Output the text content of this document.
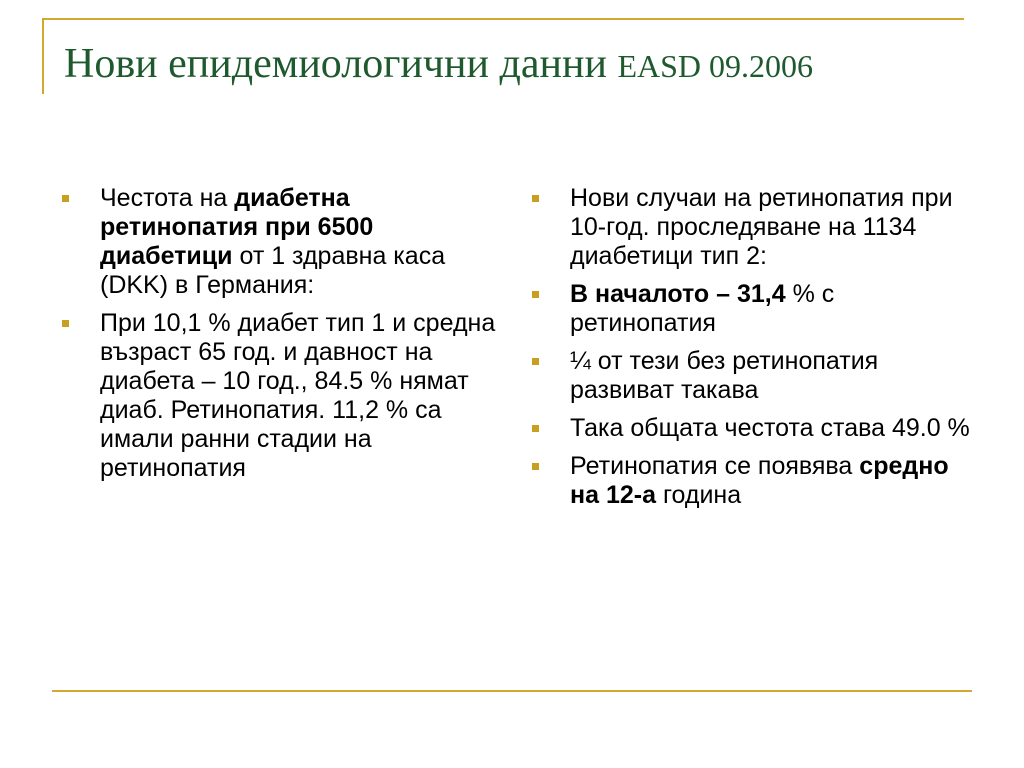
Нови епидемиологични данни EASD 09.2006
Честота на диабетна ретинопатия при 6500 диабетици от 1 здравна каса (DKK) в Германия:
При 10,1 % диабет тип 1 и средна възраст 65 год. и давност на диабета – 10 год., 84.5 % нямат диаб. Ретинопатия. 11,2 % са имали ранни стадии на ретинопатия
Нови случаи на ретинопатия при 10-год. проследяване на 1134 диабетици тип 2:
В началото – 31,4 % с ретинопатия
¼ от тези без ретинопатия развиват такава
Така общата честота става 49.0 %
Ретинопатия се появява средно на 12-а година
